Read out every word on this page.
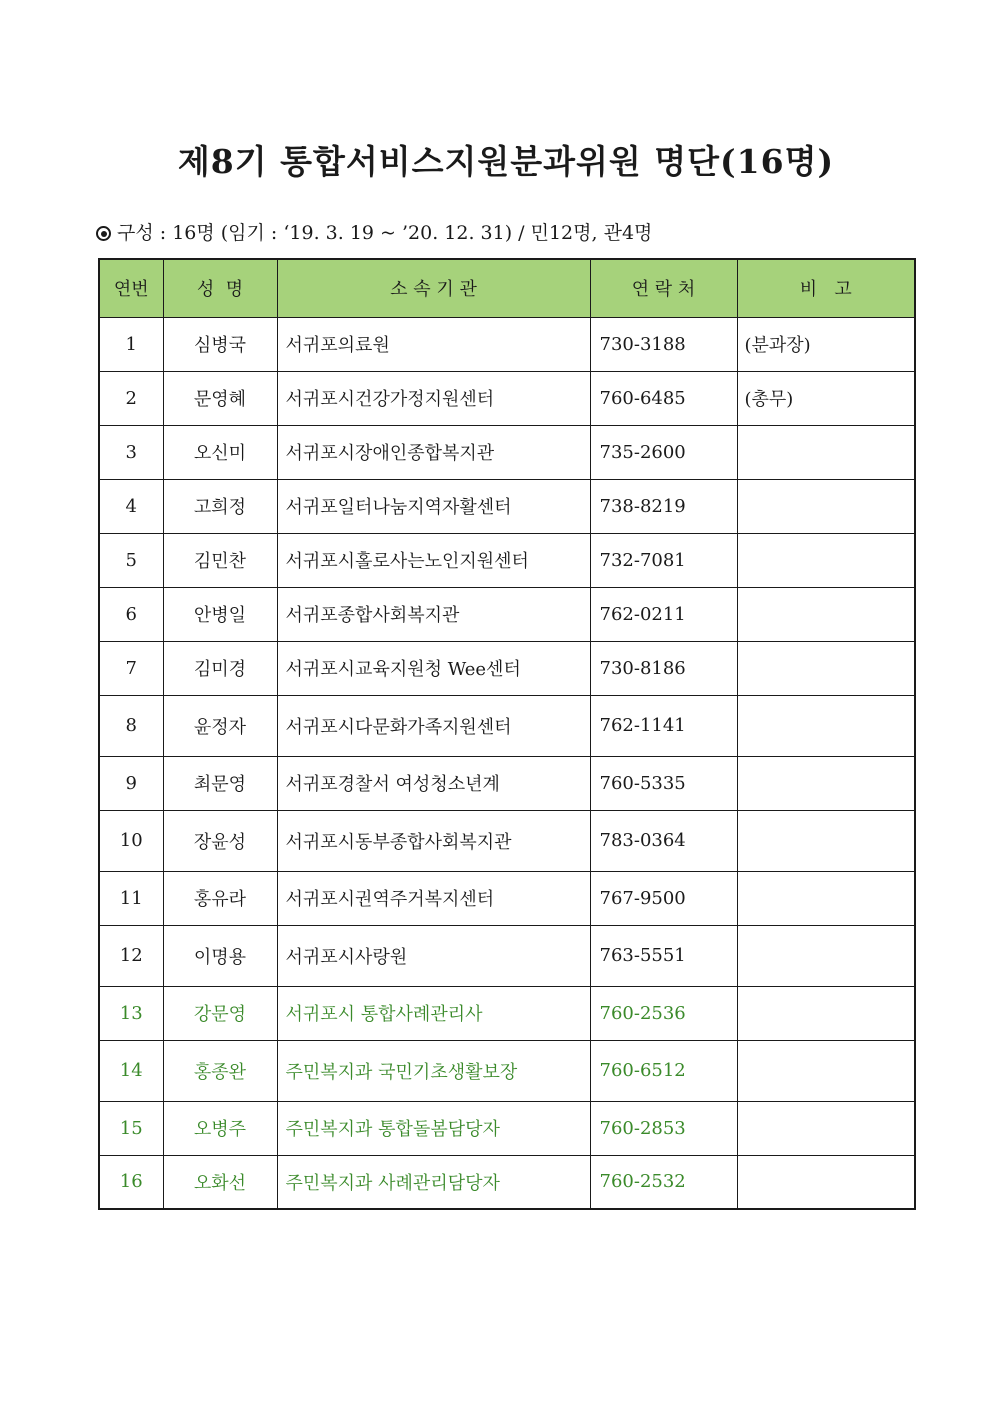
제8기 통합서비스지원분과위원 명단(16명)
구성 : 16명 (임기 : ‘19. 3. 19 ~ ’20. 12. 31) / 민12명, 관4명
연번	성  명	소 속 기 관	연 락 처	비   고
1	심병국	서귀포의료원	730-3188	(분과장)
2	문영혜	서귀포시건강가정지원센터	760-6485	(총무)
3	오신미	서귀포시장애인종합복지관	735-2600	
4	고희정	서귀포일터나눔지역자활센터	738-8219	
5	김민찬	서귀포시홀로사는노인지원센터	732-7081	
6	안병일	서귀포종합사회복지관	762-0211	
7	김미경	서귀포시교육지원청 Wee센터	730-8186	
8	윤정자	서귀포시다문화가족지원센터	762-1141	
9	최문영	서귀포경찰서 여성청소년계	760-5335	
10	장윤성	서귀포시동부종합사회복지관	783-0364	
11	홍유라	서귀포시권역주거복지센터	767-9500	
12	이명용	서귀포시사랑원	763-5551	
13	강문영	서귀포시 통합사례관리사	760-2536	
14	홍종완	주민복지과 국민기초생활보장	760-6512	
15	오병주	주민복지과 통합돌봄담당자	760-2853	
16	오화선	주민복지과 사례관리담당자	760-2532	
